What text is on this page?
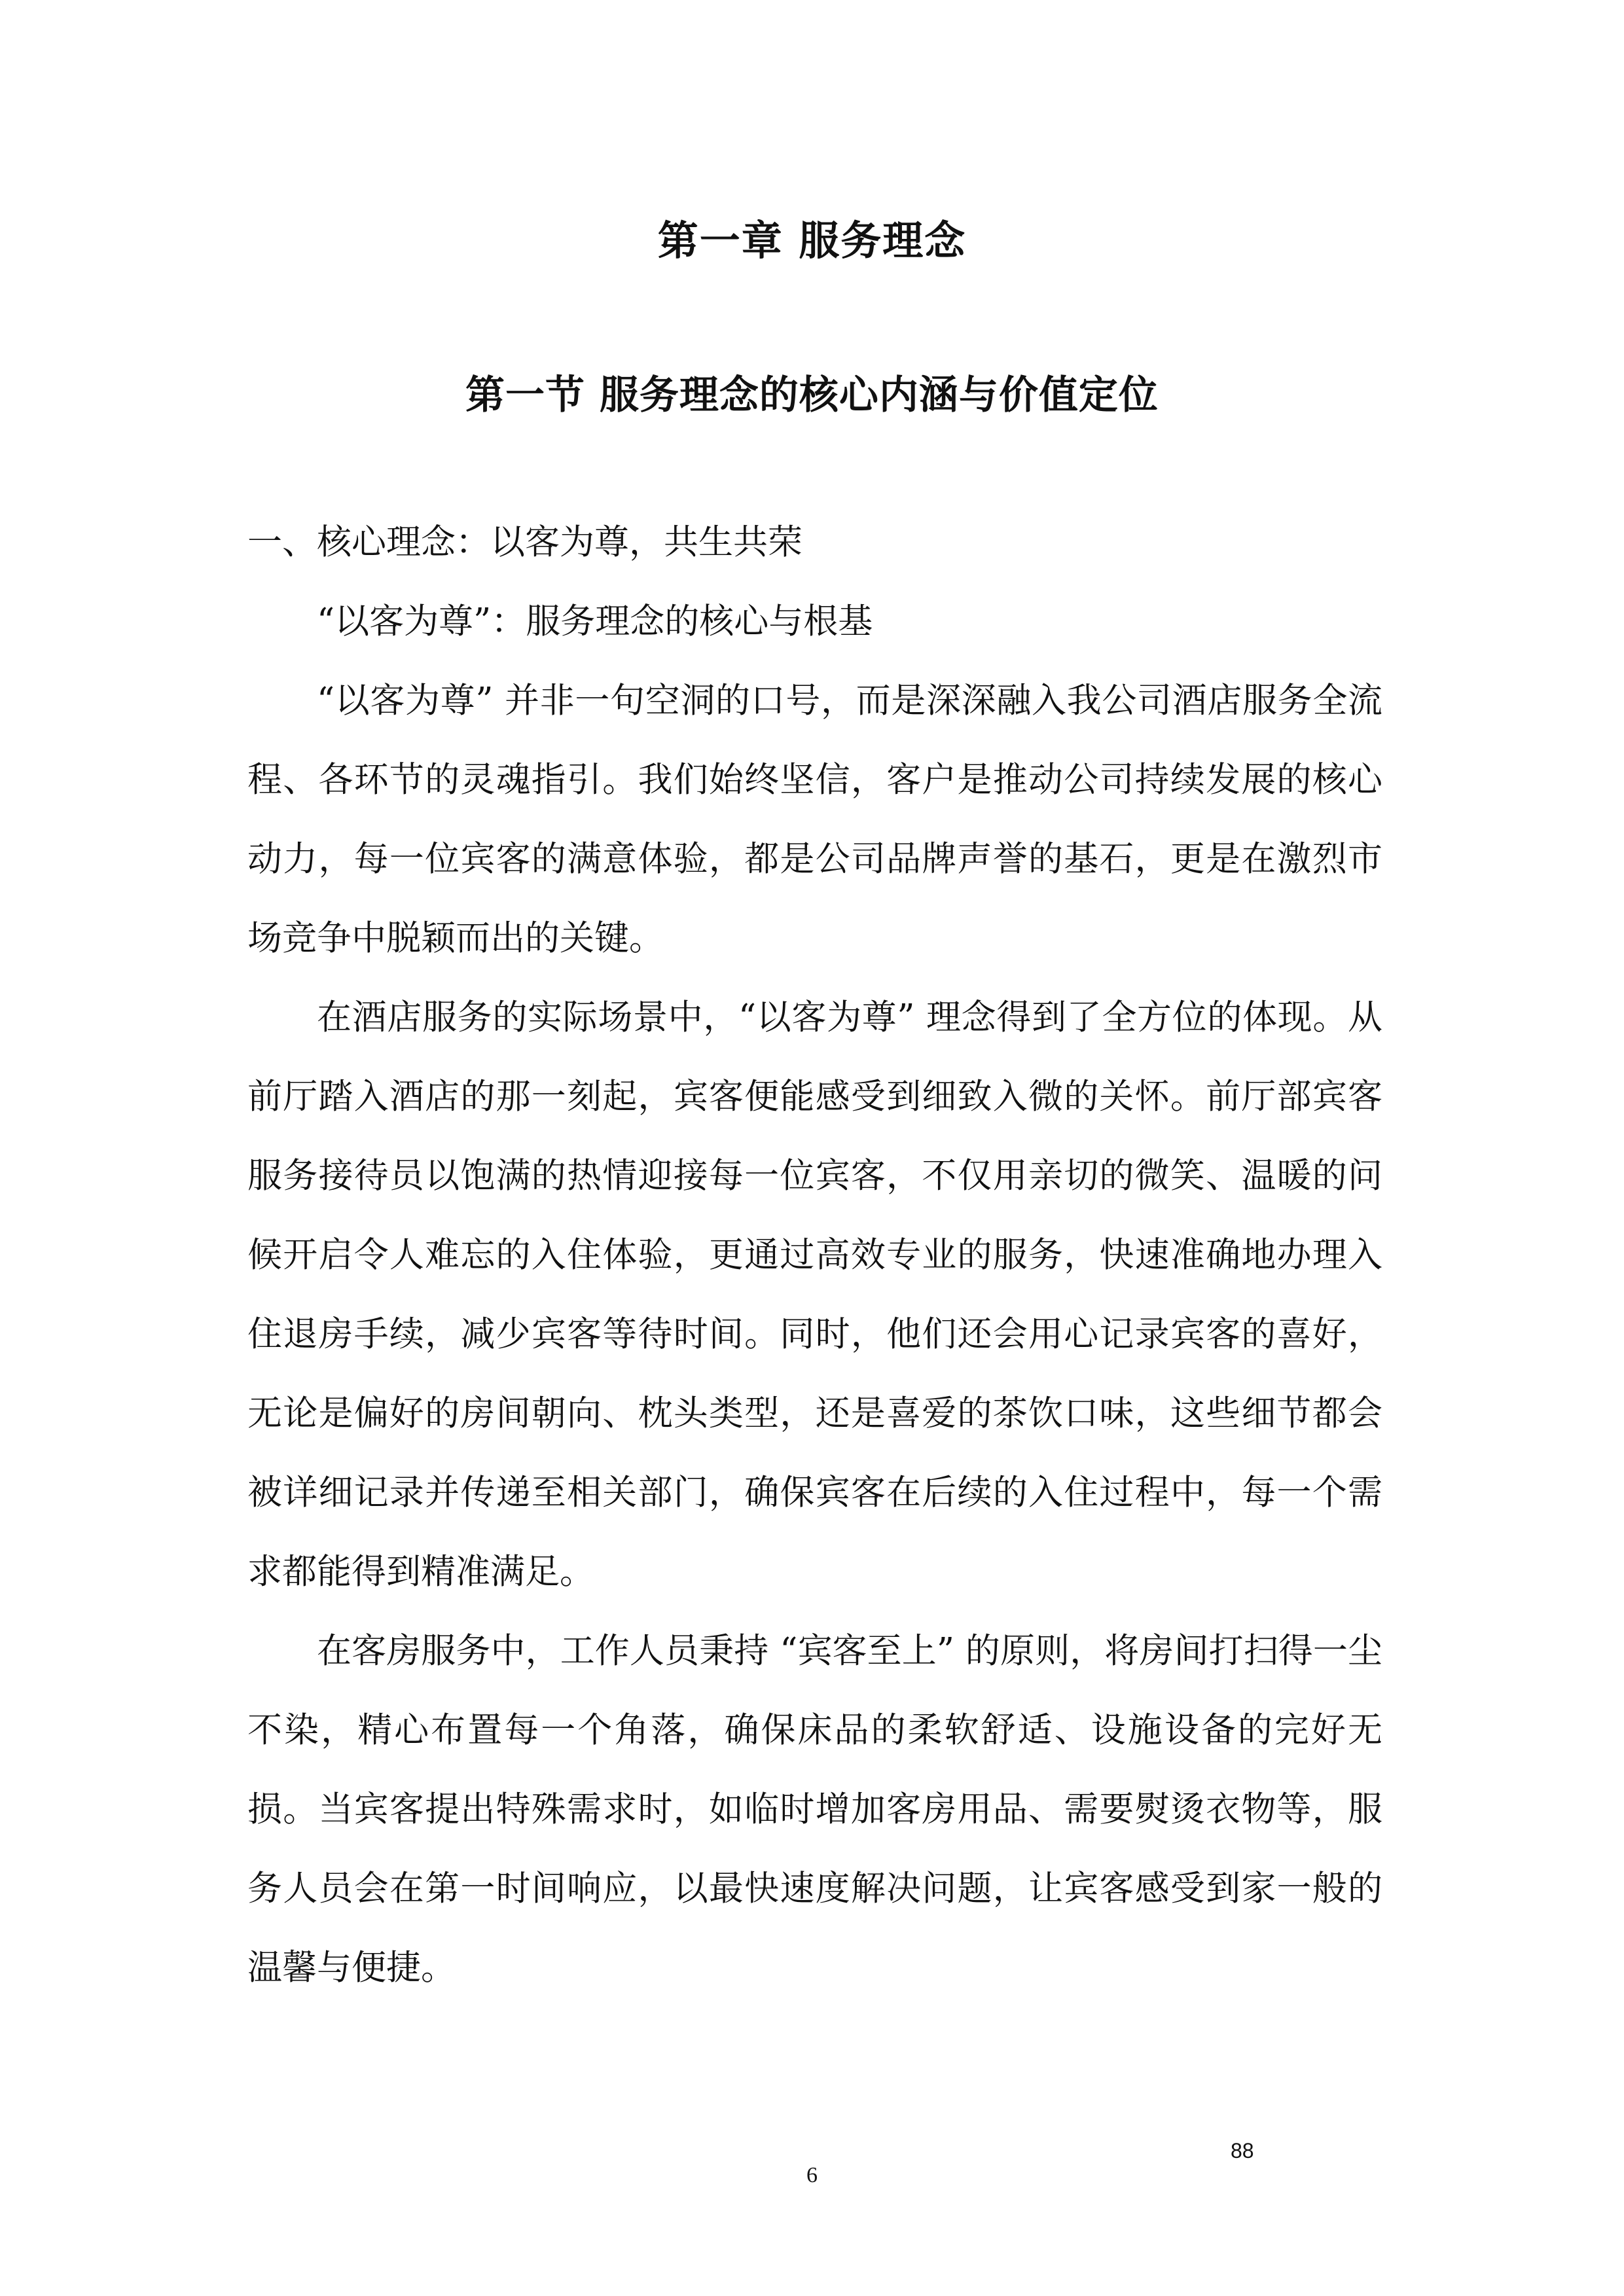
第一章 服务理念
第一节 服务理念的核心内涵与价值定位

一、核心理念：以客为尊，共生共荣

“以客为尊”：服务理念的核心与根基

“以客为尊” 并非一句空洞的口号，而是深深融入我公司酒店服务全流程、各环节的灵魂指引。我们始终坚信，客户是推动公司持续发展的核心动力，每一位宾客的满意体验，都是公司品牌声誉的基石，更是在激烈市场竞争中脱颖而出的关键。

在酒店服务的实际场景中，“以客为尊” 理念得到了全方位的体现。从前厅踏入酒店的那一刻起，宾客便能感受到细致入微的关怀。前厅部宾客服务接待员以饱满的热情迎接每一位宾客，不仅用亲切的微笑、温暖的问候开启令人难忘的入住体验，更通过高效专业的服务，快速准确地办理入住退房手续，减少宾客等待时间。同时，他们还会用心记录宾客的喜好，无论是偏好的房间朝向、枕头类型，还是喜爱的茶饮口味，这些细节都会被详细记录并传递至相关部门，确保宾客在后续的入住过程中，每一个需求都能得到精准满足。

在客房服务中，工作人员秉持 “宾客至上” 的原则，将房间打扫得一尘不染，精心布置每一个角落，确保床品的柔软舒适、设施设备的完好无损。当宾客提出特殊需求时，如临时增加客房用品、需要熨烫衣物等，服务人员会在第一时间响应，以最快速度解决问题，让宾客感受到家一般的温馨与便捷。

88
6
